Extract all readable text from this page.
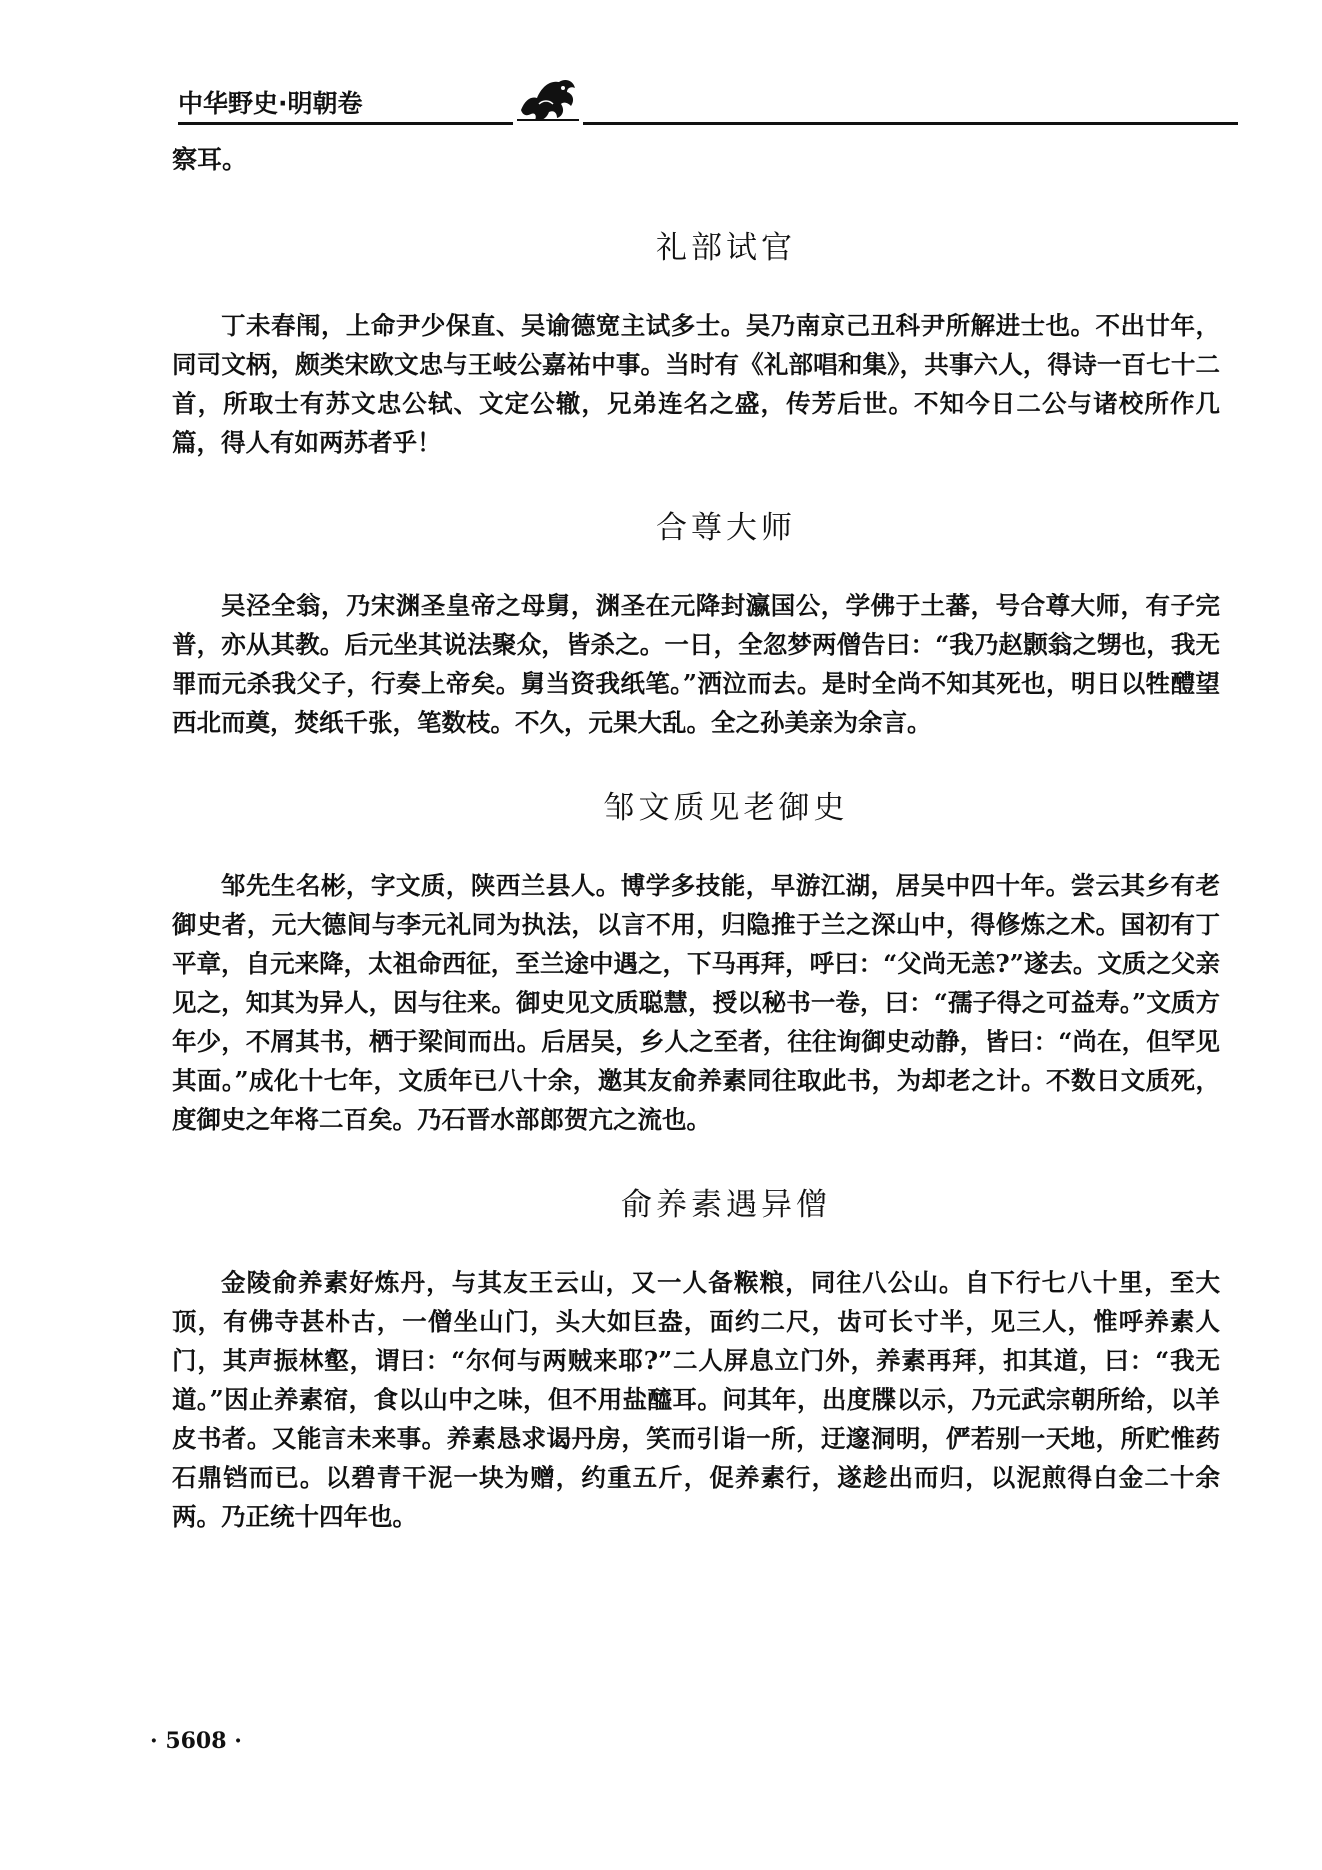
中华野史·明朝卷

察耳。

礼部试官

丁未春闱，上命尹少保直、吴谕德宽主试多士。吴乃南京己丑科尹所解进士也。不出廿年，同司文柄，颇类宋欧文忠与王岐公嘉祐中事。当时有《礼部唱和集》，共事六人，得诗一百七十二首，所取士有苏文忠公轼、文定公辙，兄弟连名之盛，传芳后世。不知今日二公与诸校所作几篇，得人有如两苏者乎！

合尊大师

吴泾全翁，乃宋渊圣皇帝之母舅，渊圣在元降封瀛国公，学佛于土蕃，号合尊大师，有子完普，亦从其教。后元坐其说法聚众，皆杀之。一日，全忽梦两僧告曰：“我乃赵颢翁之甥也，我无罪而元杀我父子，行奏上帝矣。舅当资我纸笔。”洒泣而去。是时全尚不知其死也，明日以牲醴望西北而奠，焚纸千张，笔数枝。不久，元果大乱。全之孙美亲为余言。

邹文质见老御史

邹先生名彬，字文质，陕西兰县人。博学多技能，早游江湖，居吴中四十年。尝云其乡有老御史者，元大德间与李元礼同为执法，以言不用，归隐推于兰之深山中，得修炼之术。国初有丁平章，自元来降，太祖命西征，至兰途中遇之，下马再拜，呼曰：“父尚无恙?”遂去。文质之父亲见之，知其为异人，因与往来。御史见文质聪慧，授以秘书一卷，曰：“孺子得之可益寿。”文质方年少，不屑其书，栖于梁间而出。后居吴，乡人之至者，往往询御史动静，皆曰：“尚在，但罕见其面。”成化十七年，文质年已八十余，邀其友俞养素同往取此书，为却老之计。不数日文质死，度御史之年将二百矣。乃石晋水部郎贺亢之流也。

俞养素遇异僧

金陵俞养素好炼丹，与其友王云山，又一人备糇粮，同往八公山。自下行七八十里，至大顶，有佛寺甚朴古，一僧坐山门，头大如巨盎，面约二尺，齿可长寸半，见三人，惟呼养素人门，其声振林壑，谓曰：“尔何与两贼来耶?”二人屏息立门外，养素再拜，扣其道，曰：“我无道。”因止养素宿，食以山中之味，但不用盐醯耳。问其年，出度牒以示，乃元武宗朝所给，以羊皮书者。又能言未来事。养素恳求谒丹房，笑而引诣一所，迂邃洞明，俨若别一天地，所贮惟药石鼎铛而已。以碧青干泥一块为赠，约重五斤，促养素行，遂趁出而归，以泥煎得白金二十余两。乃正统十四年也。

· 5608 ·
